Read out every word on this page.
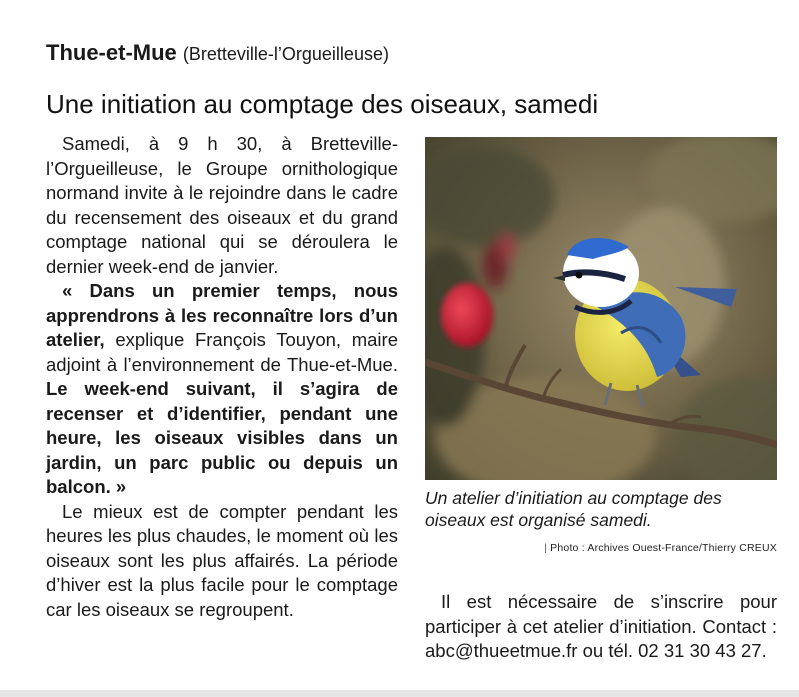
Thue-et-Mue (Bretteville-l’Orgueilleuse)
Une initiation au comptage des oiseaux, samedi

Samedi, à 9 h 30, à Bretteville-l’Orgueilleuse, le Groupe ornithologique normand invite à le rejoindre dans le cadre du recensement des oiseaux et du grand comptage national qui se déroulera le dernier week-end de janvier.

« Dans un premier temps, nous apprendrons à les reconnaître lors d’un atelier, explique François Touyon, maire adjoint à l’environnement de Thue-et-Mue. Le week-end suivant, il s’agira de recenser et d’identifier, pendant une heure, les oiseaux visibles dans un jardin, un parc public ou depuis un balcon. »

Le mieux est de compter pendant les heures les plus chaudes, le moment où les oiseaux sont les plus affairés. La période d’hiver est la plus facile pour le comptage car les oiseaux se regroupent.

Un atelier d’initiation au comptage des oiseaux est organisé samedi.
| Photo : Archives Ouest-France/Thierry CREUX

Il est nécessaire de s’inscrire pour participer à cet atelier d’initiation. Contact : abc@thueetmue.fr ou tél. 02 31 30 43 27.
